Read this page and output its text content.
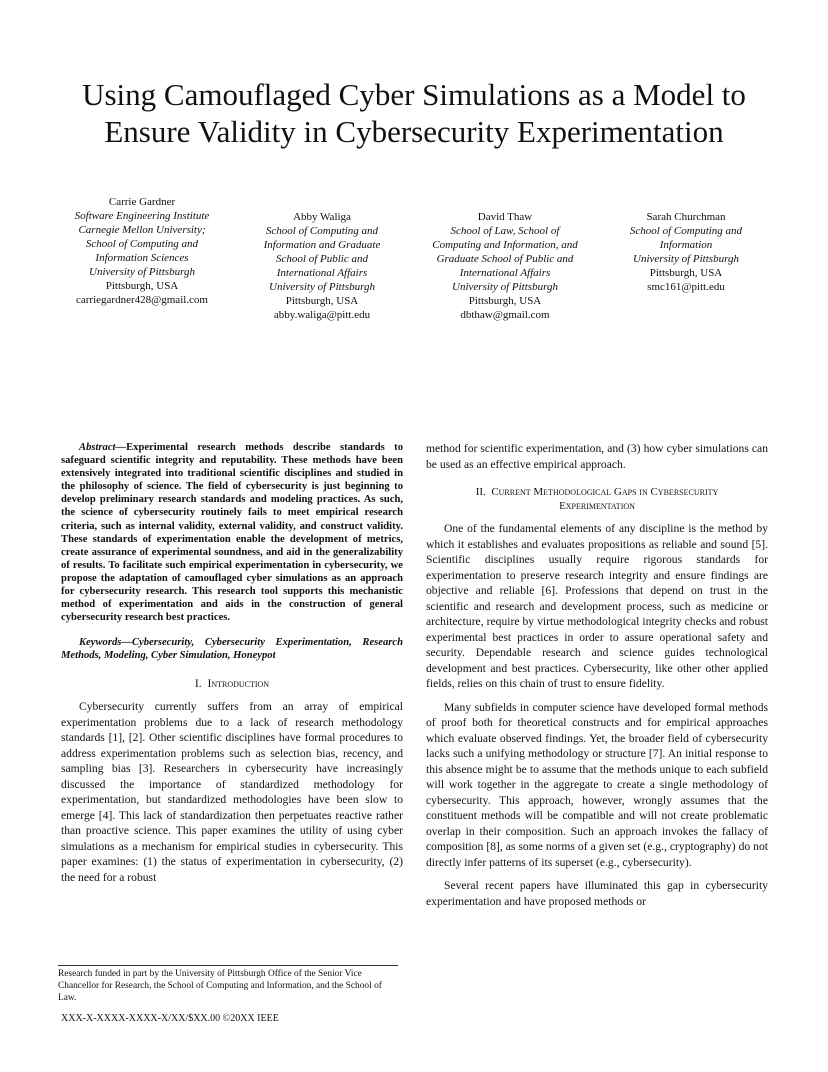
Using Camouflaged Cyber Simulations as a Model to
Ensure Validity in Cybersecurity Experimentation
Carrie Gardner
Software Engineering Institute
Carnegie Mellon University;
School of Computing and
Information Sciences
University of Pittsburgh
Pittsburgh, USA
carriegardner428@gmail.com
Abby Waliga
School of Computing and
Information and Graduate
School of Public and
International Affairs
University of Pittsburgh
Pittsburgh, USA
abby.waliga@pitt.edu
David Thaw
School of Law, School of
Computing and Information, and
Graduate School of Public and
International Affairs
University of Pittsburgh
Pittsburgh, USA
dbthaw@gmail.com
Sarah Churchman
School of Computing and
Information
University of Pittsburgh
Pittsburgh, USA
smc161@pitt.edu

Abstract—Experimental research methods describe standards to safeguard scientific integrity and reputability. These methods have been extensively integrated into traditional scientific disciplines and studied in the philosophy of science. The field of cybersecurity is just beginning to develop preliminary research standards and modeling practices. As such, the science of cybersecurity routinely fails to meet empirical research criteria, such as internal validity, external validity, and construct validity. These standards of experimentation enable the development of metrics, create assurance of experimental soundness, and aid in the generalizability of results. To facilitate such empirical experimentation in cybersecurity, we propose the adaptation of camouflaged cyber simulations as an approach for cybersecurity research. This research tool supports this mechanistic method of experimentation and aids in the construction of general cybersecurity research best practices.

Keywords—Cybersecurity, Cybersecurity Experimentation, Research Methods, Modeling, Cyber Simulation, Honeypot

I. Introduction

Cybersecurity currently suffers from an array of empirical experimentation problems due to a lack of research methodology standards [1], [2]. Other scientific disciplines have formal procedures to address experimentation problems such as selection bias, recency, and sampling bias [3]. Researchers in cybersecurity have increasingly discussed the importance of standardized methodology for experimentation, but standardized methodologies have been slow to emerge [4]. This lack of standardization then perpetuates reactive rather than proactive science. This paper examines the utility of using cyber simulations as a mechanism for empirical studies in cybersecurity. This paper examines: (1) the status of experimentation in cybersecurity, (2) the need for a robust

method for scientific experimentation, and (3) how cyber simulations can be used as an effective empirical approach.

II. Current Methodological Gaps in Cybersecurity
Experimentation

One of the fundamental elements of any discipline is the method by which it establishes and evaluates propositions as reliable and sound [5]. Scientific disciplines usually require rigorous standards for experimentation to preserve research integrity and ensure findings are objective and reliable [6]. Professions that depend on trust in the scientific and research and development process, such as medicine or architecture, require by virtue methodological integrity checks and robust experimental best practices in order to assure operational safety and security. Dependable research and science guides technological development and best practices. Cybersecurity, like other other applied fields, relies on this chain of trust to ensure fidelity.

Many subfields in computer science have developed formal methods of proof both for theoretical constructs and for empirical approaches which evaluate observed findings. Yet, the broader field of cybersecurity lacks such a unifying methodology or structure [7]. An initial response to this absence might be to assume that the methods unique to each subfield will work together in the aggregate to create a single methodology of cybersecurity. This approach, however, wrongly assumes that the constituent methods will be compatible and will not create problematic overlap in their composition. Such an approach invokes the fallacy of composition [8], as some norms of a given set (e.g., cryptography) do not directly infer patterns of its superset (e.g., cybersecurity).

Several recent papers have illuminated this gap in cybersecurity experimentation and have proposed methods or

Research funded in part by the University of Pittsburgh Office of the Senior Vice Chancellor for Research, the School of Computing and Information, and the School of Law.
XXX-X-XXXX-XXXX-X/XX/$XX.00 ©20XX IEEE
